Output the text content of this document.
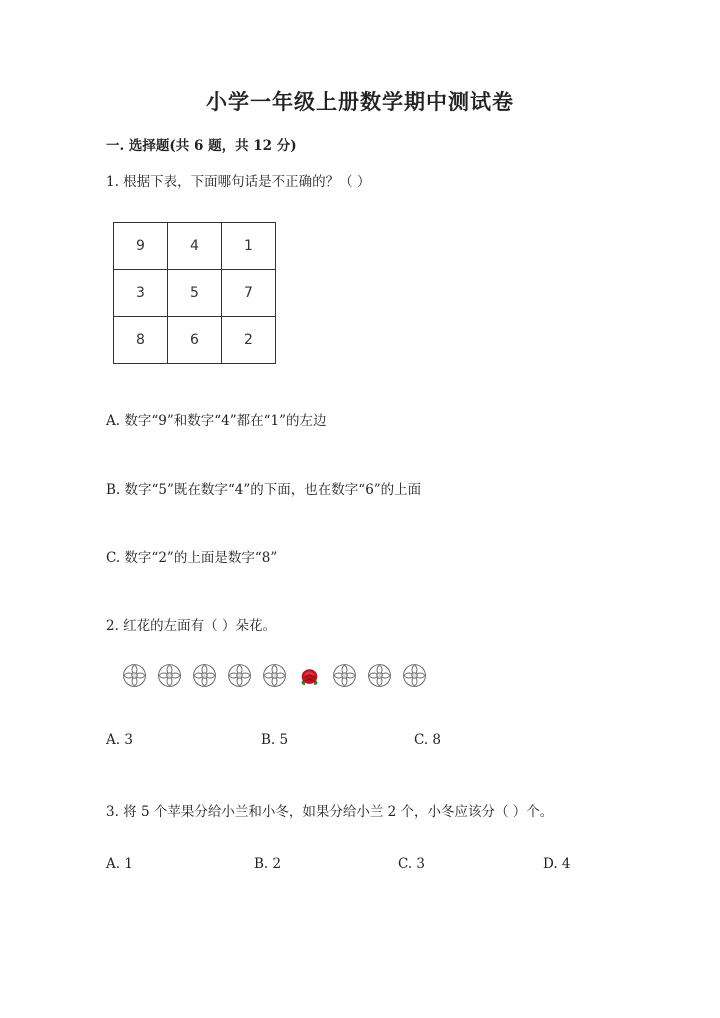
小学一年级上册数学期中测试卷
一. 选择题(共 6 题，共 12 分)
1. 根据下表，下面哪句话是不正确的？（ ）
9	4	1
3	5	7
8	6	2
A. 数字“9”和数字“4”都在“1”的左边
B. 数字“5”既在数字“4”的下面，也在数字“6”的上面
C. 数字“2”的上面是数字“8”
2. 红花的左面有（ ）朵花。
A. 3	B. 5	C. 8
3. 将 5 个苹果分给小兰和小冬，如果分给小兰 2 个，小冬应该分（ ）个。
A. 1	B. 2	C. 3	D. 4
